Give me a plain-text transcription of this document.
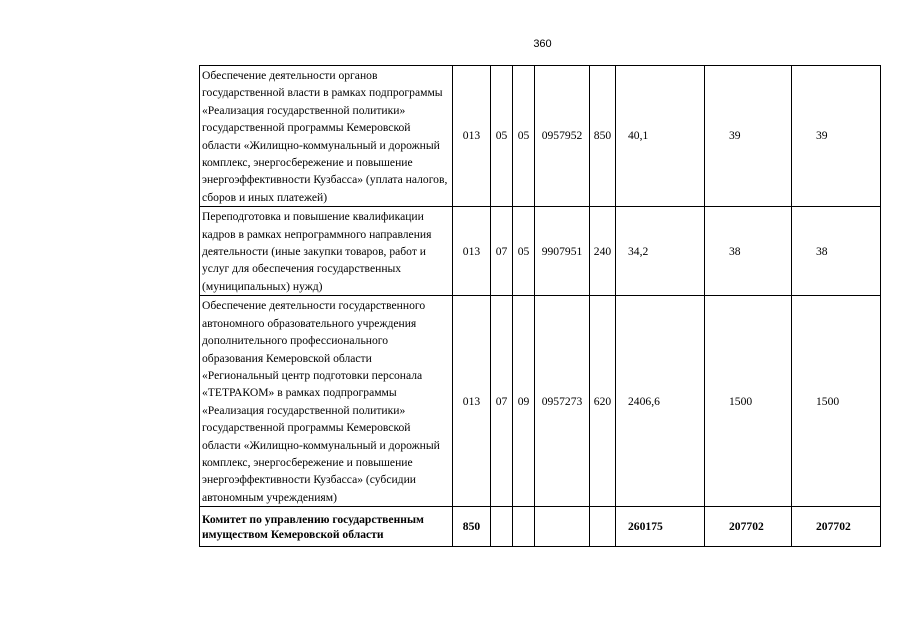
360
Обеспечение деятельности органов государственной власти в рамках подпрограммы «Реализация государственной политики» государственной программы Кемеровской области «Жилищно-коммунальный и дорожный комплекс, энергосбережение и повышение энергоэффективности Кузбасса» (уплата налогов, сборов и иных платежей)	013	05	05	0957952	850	40,1	39	39
Переподготовка и повышение квалификации кадров в рамках непрограммного направления деятельности (иные закупки товаров, работ и услуг для обеспечения государственных (муниципальных) нужд)	013	07	05	9907951	240	34,2	38	38
Обеспечение деятельности государственного автономного образовательного учреждения дополнительного профессионального образования Кемеровской области «Региональный центр подготовки персонала «ТЕТРАКОМ» в рамках подпрограммы «Реализация государственной политики» государственной программы Кемеровской области «Жилищно-коммунальный и дорожный комплекс, энергосбережение и повышение энергоэффективности Кузбасса» (субсидии автономным учреждениям)	013	07	09	0957273	620	2406,6	1500	1500
Комитет по управлению государственным имуществом Кемеровской области	850					260175	207702	207702
